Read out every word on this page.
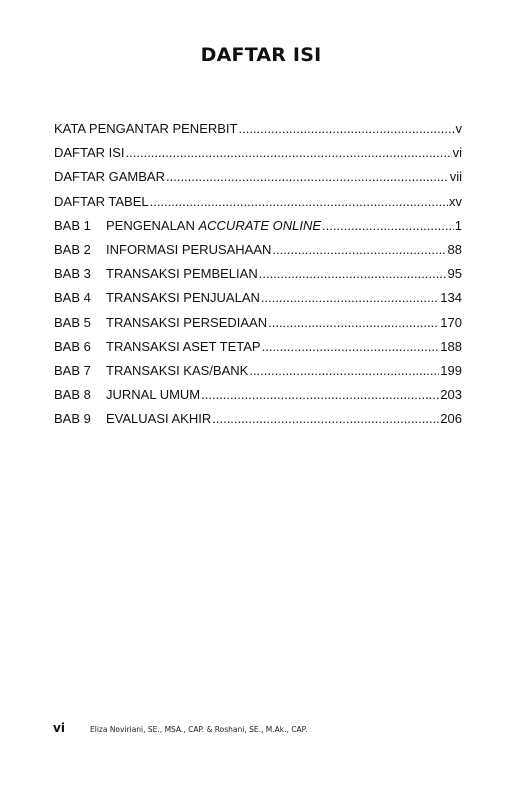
DAFTAR ISI
KATA PENGANTAR PENERBIT .....	v
DAFTAR ISI .....	vi
DAFTAR GAMBAR .....	vii
DAFTAR TABEL .....	xv
BAB 1	PENGENALAN ACCURATE ONLINE .....	1
BAB 2	INFORMASI PERUSAHAAN .....	88
BAB 3	TRANSAKSI PEMBELIAN .....	95
BAB 4	TRANSAKSI PENJUALAN .....	134
BAB 5	TRANSAKSI PERSEDIAAN .....	170
BAB 6	TRANSAKSI ASET TETAP .....	188
BAB 7	TRANSAKSI KAS/BANK .....	199
BAB 8	JURNAL UMUM .....	203
BAB 9	EVALUASI AKHIR .....	206
vi	Eliza Noviriani, SE., MSA., CAP. & Roshani, SE., M.Ak., CAP.
